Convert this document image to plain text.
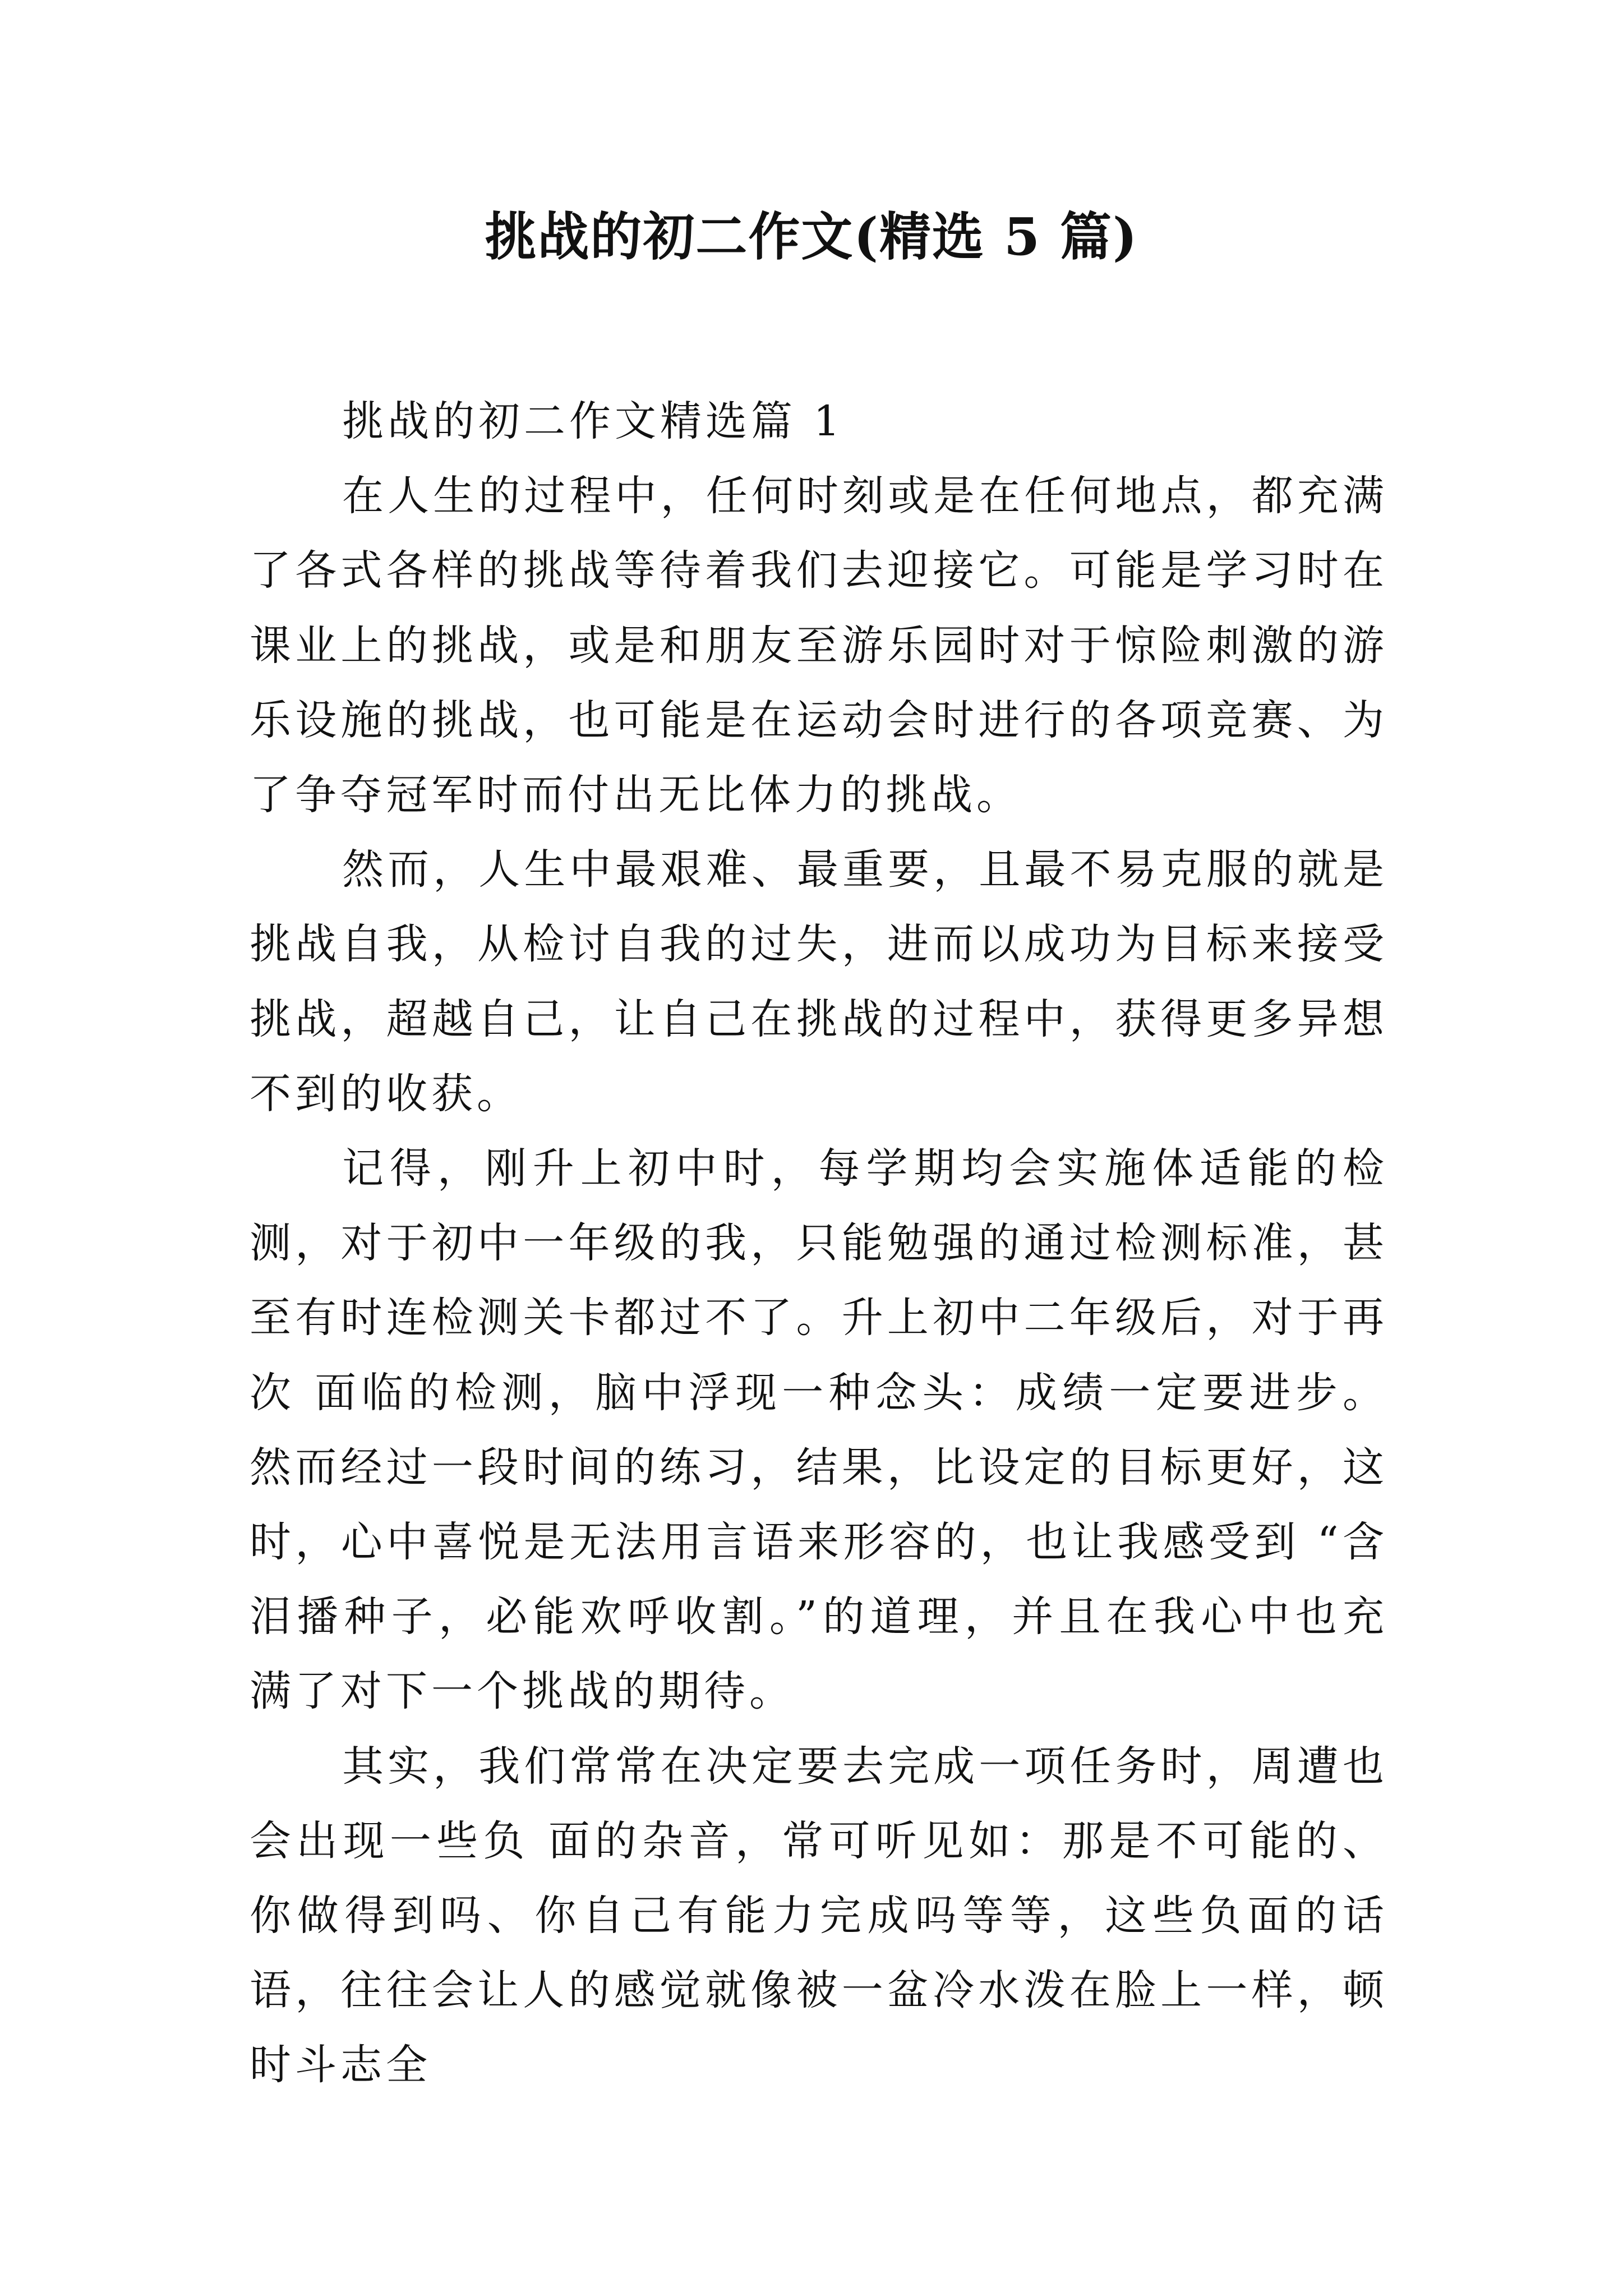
挑战的初二作文(精选 5 篇)

挑战的初二作文精选篇 1

在人生的过程中，任何时刻或是在任何地点，都充满了各式各样的挑战等待着我们去迎接它。可能是学习时在课业上的挑战，或是和朋友至游乐园时对于惊险刺激的游乐设施的挑战，也可能是在运动会时进行的各项竞赛、为了争夺冠军时而付出无比体力的挑战。

然而，人生中最艰难、最重要，且最不易克服的就是挑战自我，从检讨自我的过失，进而以成功为目标来接受挑战，超越自己，让自己在挑战的过程中，获得更多异想不到的收获。

记得，刚升上初中时，每学期均会实施体适能的检测，对于初中一年级的我，只能勉强的通过检测标准，甚至有时连检测关卡都过不了。升上初中二年级后，对于再次 面临的检测，脑中浮现一种念头：成绩一定要进步。然而经过一段时间的练习，结果，比设定的目标更好，这时，心中喜悦是无法用言语来形容的，也让我感受到 “含泪播种子，必能欢呼收割。”的道理，并且在我心中也充满了对下一个挑战的期待。

其实，我们常常在决定要去完成一项任务时，周遭也会出现一些负 面的杂音，常可听见如：那是不可能的、你做得到吗、你自己有能力完成吗等等，这些负面的话语，往往会让人的感觉就像被一盆冷水泼在脸上一样，顿时斗志全
